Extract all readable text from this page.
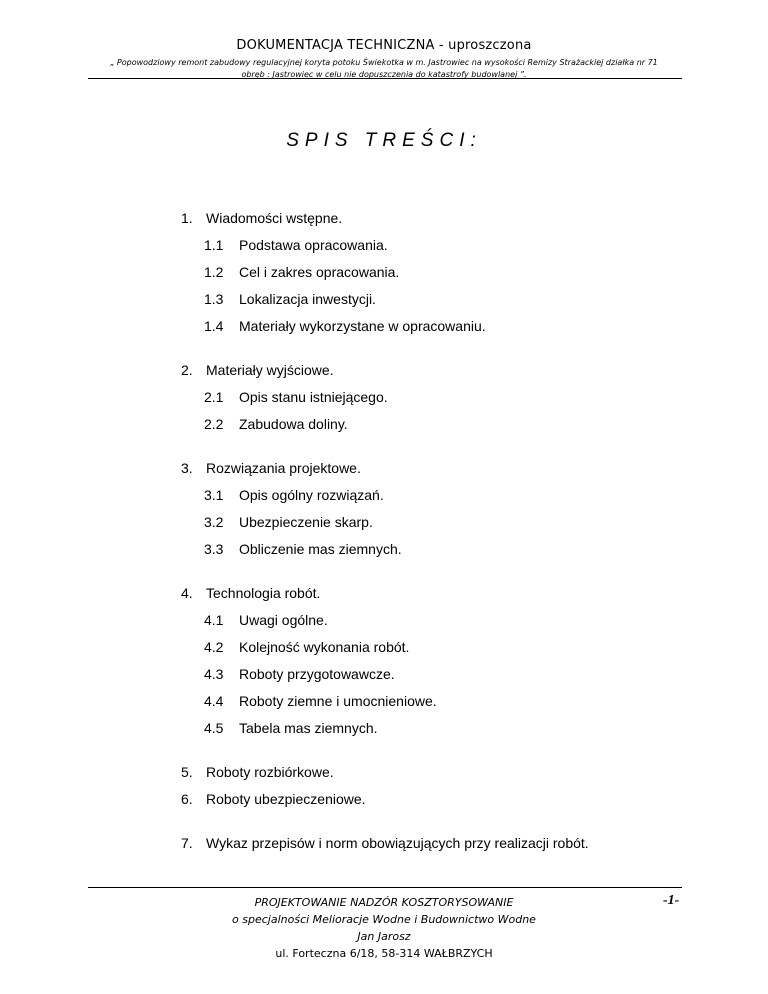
DOKUMENTACJA TECHNICZNA - uproszczona
„ Popowodziowy remont zabudowy regulacyjnej koryta potoku Świekotka w m. Jastrowiec na wysokości Remizy Strażackiej działka nr 71
obręb : Jastrowiec w celu nie dopuszczenia do katastrofy budowlanej ”.
SPIS TREŚCI:
1. Wiadomości wstępne.
1.1	Podstawa opracowania.
1.2	Cel i zakres opracowania.
1.3	Lokalizacja inwestycji.
1.4	Materiały wykorzystane w opracowaniu.
2. Materiały wyjściowe.
2.1	Opis stanu istniejącego.
2.2	Zabudowa doliny.
3. Rozwiązania projektowe.
3.1	Opis ogólny rozwiązań.
3.2	Ubezpieczenie skarp.
3.3	Obliczenie mas ziemnych.
4. Technologia robót.
4.1	Uwagi ogólne.
4.2	Kolejność wykonania robót.
4.3	Roboty przygotowawcze.
4.4	Roboty ziemne i umocnieniowe.
4.5	Tabela mas ziemnych.
5. Roboty rozbiórkowe.
6. Roboty ubezpieczeniowe.
7. Wykaz przepisów i norm obowiązujących przy realizacji robót.
PROJEKTOWANIE NADZÓR KOSZTORYSOWANIE
o specjalności Melioracje Wodne i Budownictwo Wodne
Jan Jarosz
ul. Forteczna 6/18, 58-314 WAŁBRZYCH
-1-
